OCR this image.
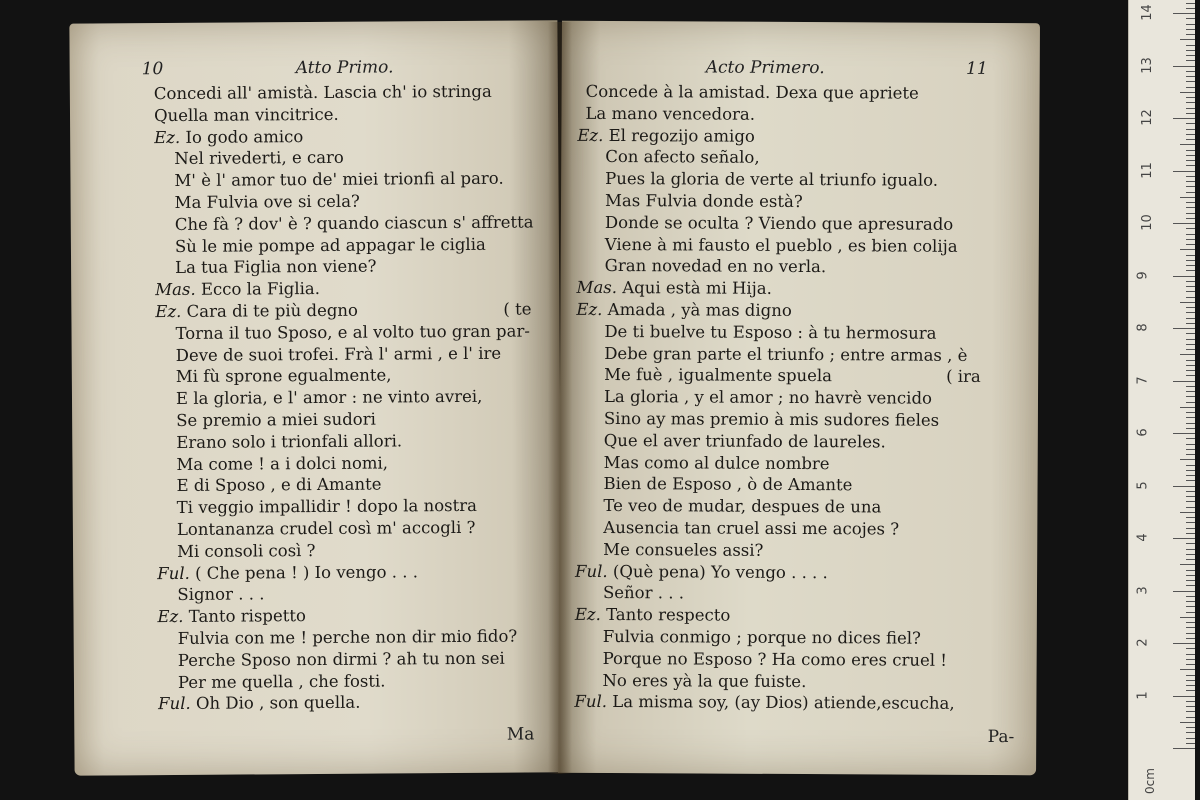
10	Atto Primo.
Concedi all' amistà. Lascia ch' io stringa
Quella man vincitrice.
Ez. Io godo amico
Nel rivederti, e caro
M' è l' amor tuo de' miei trionfi al paro.
Ma Fulvia ove si cela?
Che fà ? dov' è ? quando ciascun s' affretta
Sù le mie pompe ad appagar le ciglia
La tua Figlia non viene?
Mas. Ecco la Figlia.
Ez. Cara di te più degno	( te
Torna il tuo Sposo, e al volto tuo gran par-
Deve de suoi trofei. Frà l' armi , e l' ire
Mi fù sprone egualmente,
E la gloria, e l' amor : ne vinto avrei,
Se premio a miei sudori
Erano solo i trionfali allori.
Ma come ! a i dolci nomi,
E di Sposo , e di Amante
Ti veggio impallidir ! dopo la nostra
Lontananza crudel così m' accogli ?
Mi consoli così ?
Ful. ( Che pena ! ) Io vengo . . .
Signor . . .
Ez. Tanto rispetto
Fulvia con me ! perche non dir mio fido?
Perche Sposo non dirmi ? ah tu non sei
Per me quella , che fosti.
Ful. Oh Dio , son quella.
Ma
Acto Primero.	11
Concede à la amistad. Dexa que apriete
La mano vencedora.
Ez. El regozijo amigo
Con afecto señalo,
Pues la gloria de verte al triunfo igualo.
Mas Fulvia donde està?
Donde se oculta ? Viendo que apresurado
Viene à mi fausto el pueblo , es bien colija
Gran novedad en no verla.
Mas. Aqui està mi Hija.
Ez. Amada , yà mas digno
De ti buelve tu Esposo : à tu hermosura
Debe gran parte el triunfo ; entre armas , è
Me fuè , igualmente spuela	( ira
La gloria , y el amor ; no havrè vencido
Sino ay mas premio à mis sudores fieles
Que el aver triunfado de laureles.
Mas como al dulce nombre
Bien de Esposo , ò de Amante
Te veo de mudar, despues de una
Ausencia tan cruel assi me acojes ?
Me consueles assi?
Ful. (Què pena) Yo vengo . . . .
Señor . . .
Ez. Tanto respecto
Fulvia conmigo ; porque no dices fiel?
Porque no Esposo ? Ha como eres cruel !
No eres yà la que fuiste.
Ful. La misma soy, (ay Dios) atiende,escucha,
Pa-
0cm
1
2
3
4
5
6
7
8
9
10
11
12
13
14
